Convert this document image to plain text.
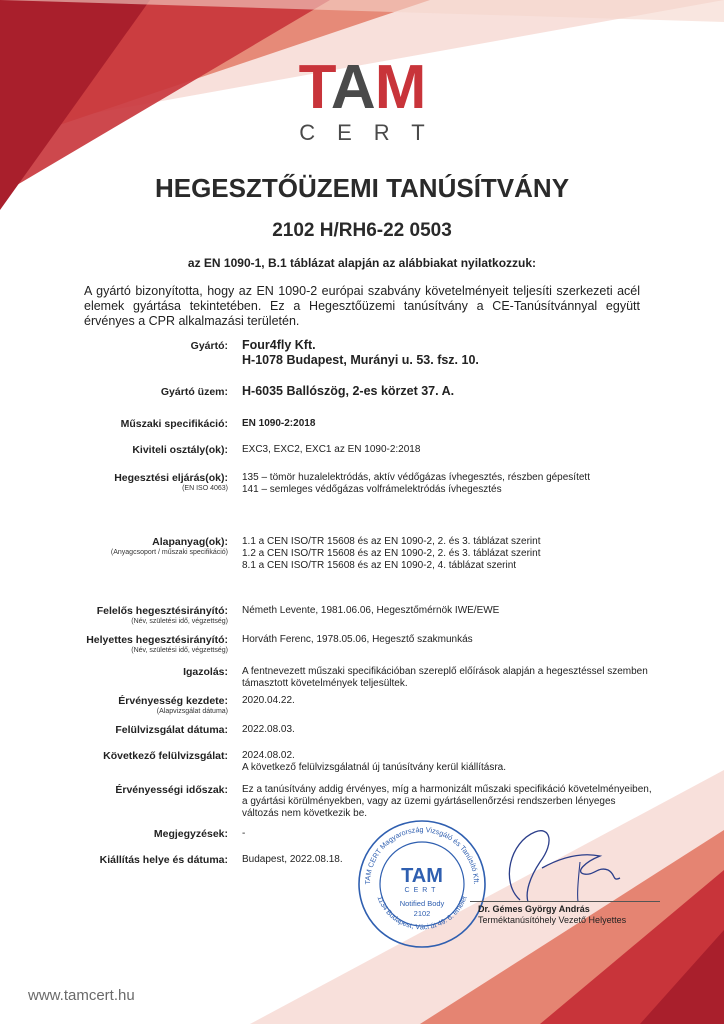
TAM
CERT
HEGESZTŐÜZEMI TANÚSÍTVÁNY
2102 H/RH6-22 0503
az EN 1090-1, B.1 táblázat alapján az alábbiakat nyilatkozzuk:
A gyártó bizonyította, hogy az EN 1090-2 európai szabvány követelményeit teljesíti szerkezeti acél elemek gyártása tekintetében. Ez a Hegesztőüzemi tanúsítvány a CE-Tanúsítvánnyal együtt érvényes a CPR alkalmazási területén.
Gyártó: Four4fly Kft.
H-1078 Budapest, Murányi u. 53. fsz. 10.
Gyártó üzem: H-6035 Ballószög, 2-es körzet 37. A.
Műszaki specifikáció: EN 1090-2:2018
Kiviteli osztály(ok): EXC3, EXC2, EXC1 az EN 1090-2:2018
Hegesztési eljárás(ok):
(EN ISO 4063)
135 – tömör huzalelektródás, aktív védőgázas ívhegesztés, részben gépesített
141 – semleges védőgázas volfrámelektródás ívhegesztés
Alapanyag(ok):
(Anyagcsoport / műszaki specifikáció)
1.1 a CEN ISO/TR 15608 és az EN 1090-2, 2. és 3. táblázat szerint
1.2 a CEN ISO/TR 15608 és az EN 1090-2, 2. és 3. táblázat szerint
8.1 a CEN ISO/TR 15608 és az EN 1090-2, 4. táblázat szerint
Felelős hegesztésirányító:
(Név, születési idő, végzettség)
Németh Levente, 1981.06.06, Hegesztőmérnök IWE/EWE
Helyettes hegesztésirányító:
(Név, születési idő, végzettség)
Horváth Ferenc, 1978.05.06, Hegesztő szakmunkás
Igazolás: A fentnevezett műszaki specifikációban szereplő előírások alapján a hegesztéssel szemben támasztott követelmények teljesültek.
Érvényesség kezdete:
(Alapvizsgálat dátuma)
2020.04.22.
Felülvizsgálat dátuma: 2022.08.03.
Következő felülvizsgálat: 2024.08.02.
A következő felülvizsgálatnál új tanúsítvány kerül kiállításra.
Érvényességi időszak: Ez a tanúsítvány addig érvényes, míg a harmonizált műszaki specifikáció követelményeiben, a gyártási körülményekben, vagy az üzemi gyártásellenőrzési rendszerben lényeges változás nem következik be.
Megjegyzések: -
Kiállítás helye és dátuma: Budapest, 2022.08.18.
TAM CERT Magyarország Vizsgáló és Tanúsító Kft.
1134 Budapest, Váci út 49. 6. emelet
TAM
CERT
Notified Body
2102	Dr. Gémes György András
Terméktanúsítóhely Vezető Helyettes
www.tamcert.hu
